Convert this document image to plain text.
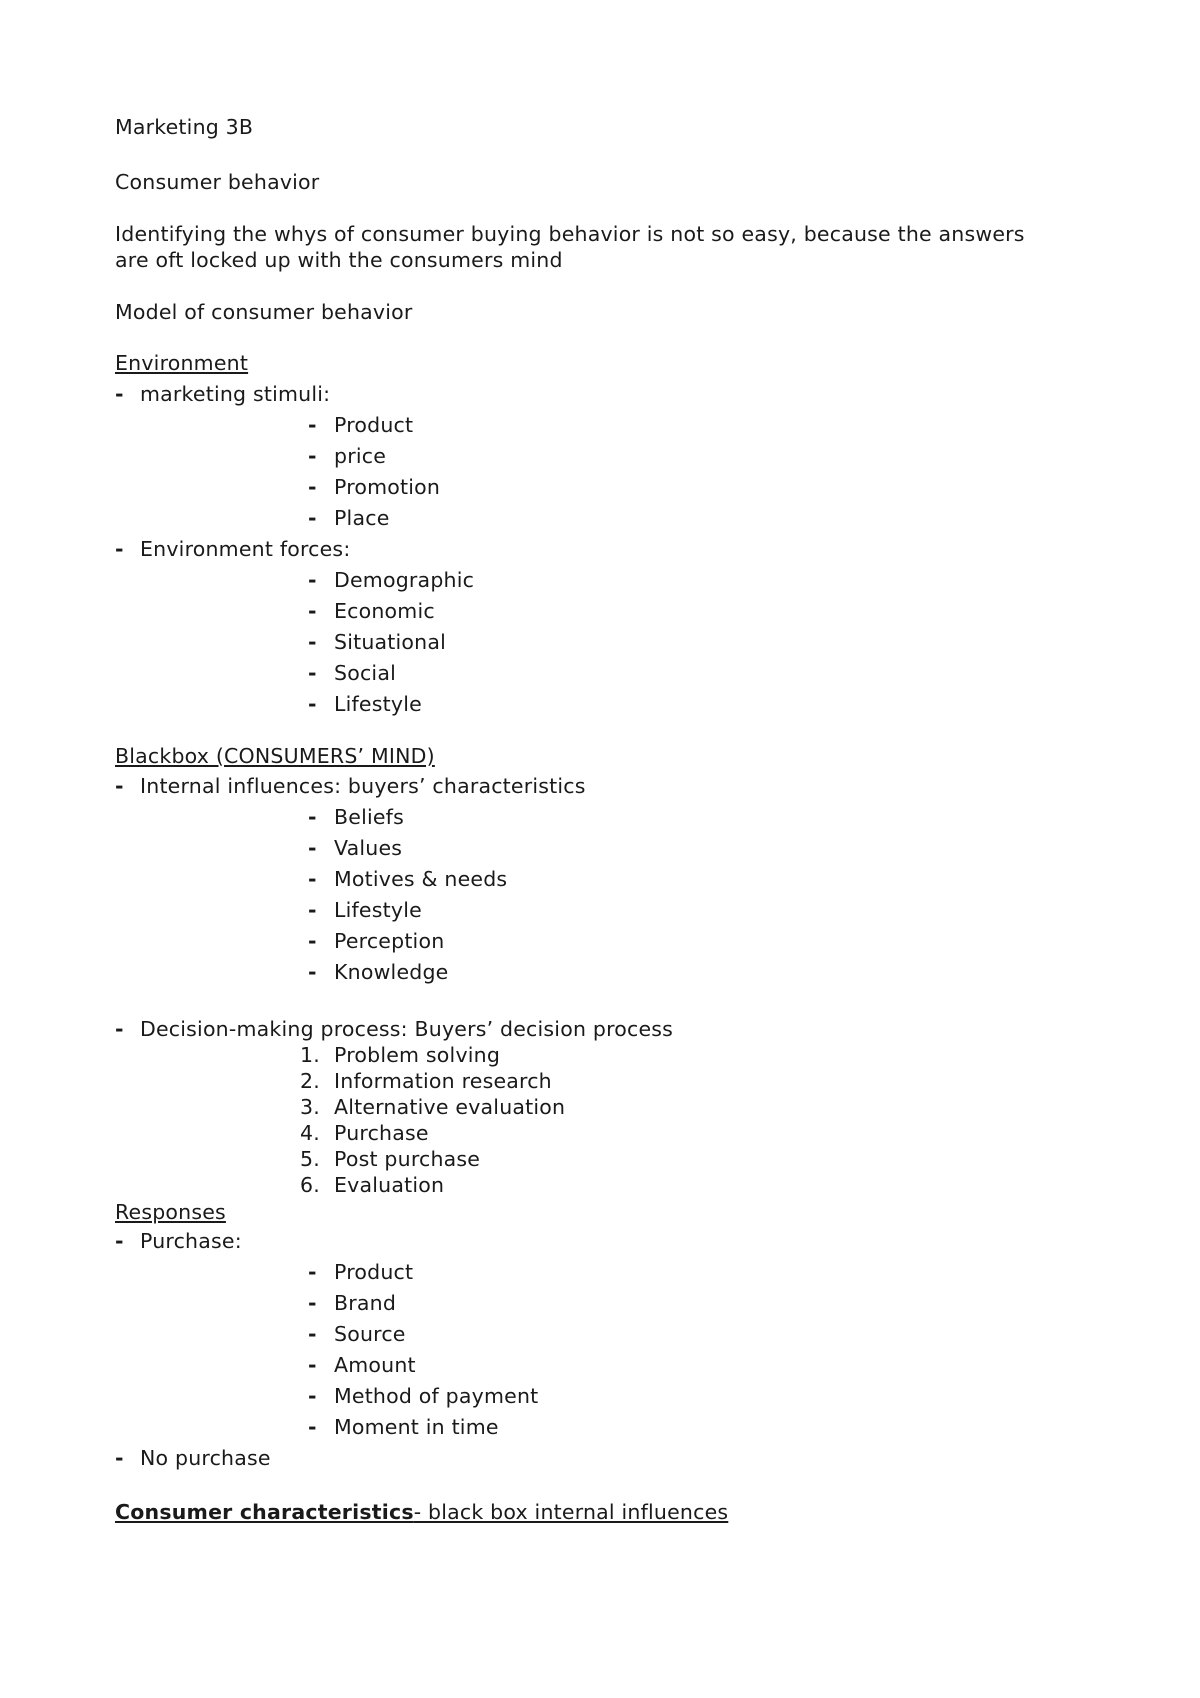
Marketing 3B
Consumer behavior
Identifying the whys of consumer buying behavior is not so easy, because the answers
are oft locked up with the consumers mind
Model of consumer behavior
Environment
- marketing stimuli:
- Product
- price
- Promotion
- Place
- Environment forces:
- Demographic
- Economic
- Situational
- Social
- Lifestyle
Blackbox (CONSUMERS’ MIND)
- Internal influences: buyers’ characteristics
- Beliefs
- Values
- Motives & needs
- Lifestyle
- Perception
- Knowledge
- Decision-making process: Buyers’ decision process
1. Problem solving
2. Information research
3. Alternative evaluation
4. Purchase
5. Post purchase
6. Evaluation
Responses
- Purchase:
- Product
- Brand
- Source
- Amount
- Method of payment
- Moment in time
- No purchase
Consumer characteristics- black box internal influences
